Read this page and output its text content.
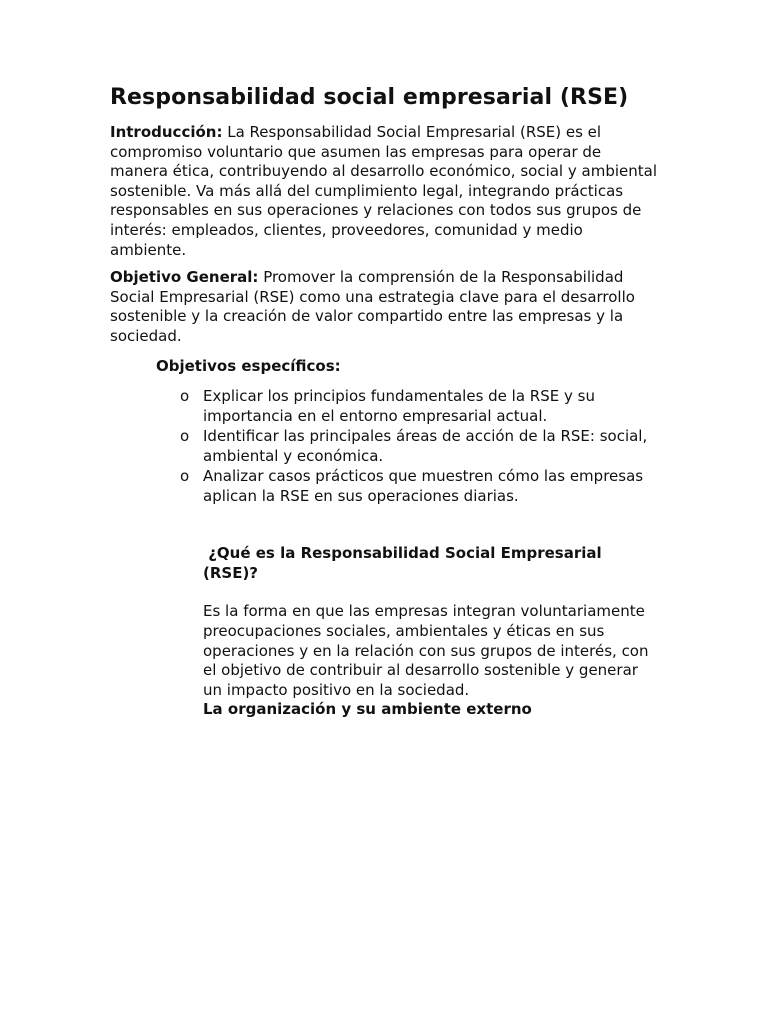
Responsabilidad social empresarial (RSE)

Introducción: La Responsabilidad Social Empresarial (RSE) es el compromiso voluntario que asumen las empresas para operar de manera ética, contribuyendo al desarrollo económico, social y ambiental sostenible. Va más allá del cumplimiento legal, integrando prácticas responsables en sus operaciones y relaciones con todos sus grupos de interés: empleados, clientes, proveedores, comunidad y medio ambiente.

Objetivo General: Promover la comprensión de la Responsabilidad Social Empresarial (RSE) como una estrategia clave para el desarrollo sostenible y la creación de valor compartido entre las empresas y la sociedad.

Objetivos específicos:

o Explicar los principios fundamentales de la RSE y su importancia en el entorno empresarial actual.
o Identificar las principales áreas de acción de la RSE: social, ambiental y económica.
o Analizar casos prácticos que muestren cómo las empresas aplican la RSE en sus operaciones diarias.

¿Qué es la Responsabilidad Social Empresarial (RSE)?

Es la forma en que las empresas integran voluntariamente preocupaciones sociales, ambientales y éticas en sus operaciones y en la relación con sus grupos de interés, con el objetivo de contribuir al desarrollo sostenible y generar un impacto positivo en la sociedad.

La organización y su ambiente externo
